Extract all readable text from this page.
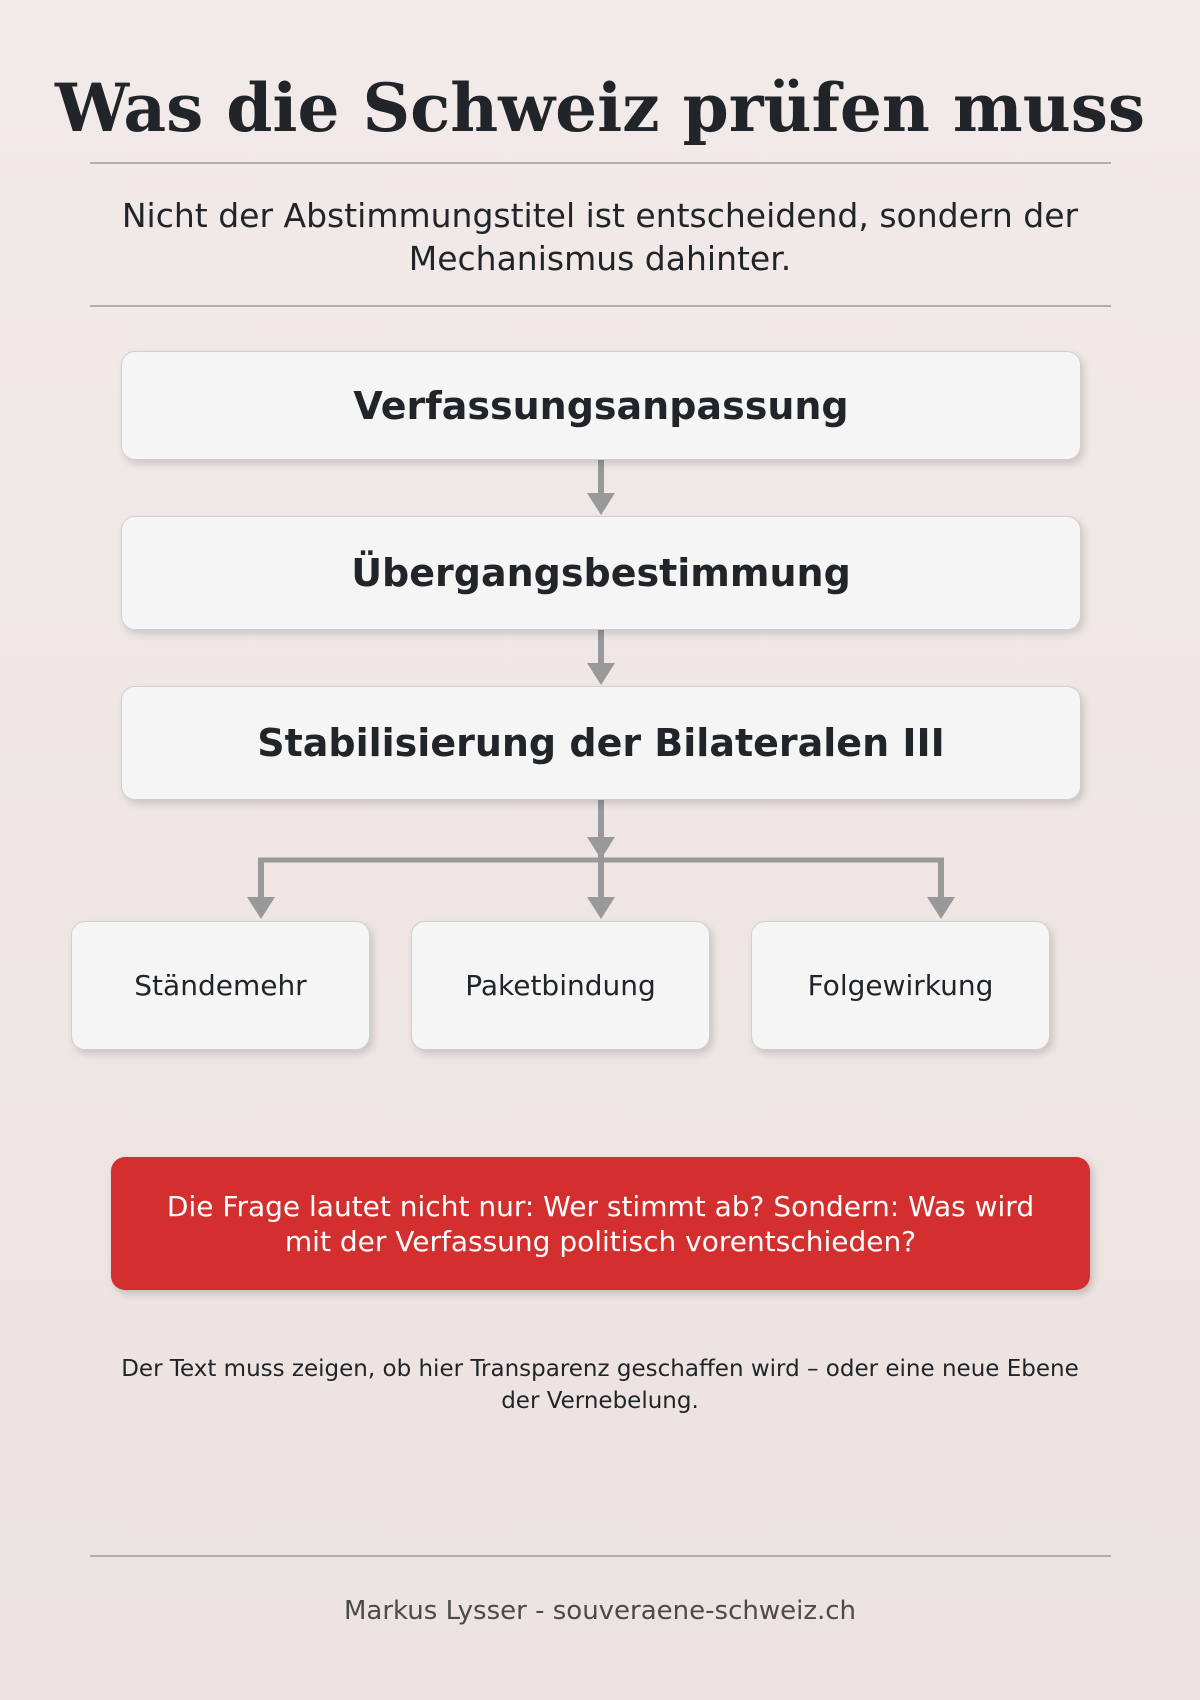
Was die Schweiz prüfen muss
Nicht der Abstimmungstitel ist entscheidend, sondern der Mechanismus dahinter.
Verfassungsanpassung
Übergangsbestimmung
Stabilisierung der Bilateralen III
Ständemehr	Paketbindung	Folgewirkung
Die Frage lautet nicht nur: Wer stimmt ab? Sondern: Was wird mit der Verfassung politisch vorentschieden?
Der Text muss zeigen, ob hier Transparenz geschaffen wird – oder eine neue Ebene der Vernebelung.
Markus Lysser - souveraene-schweiz.ch
